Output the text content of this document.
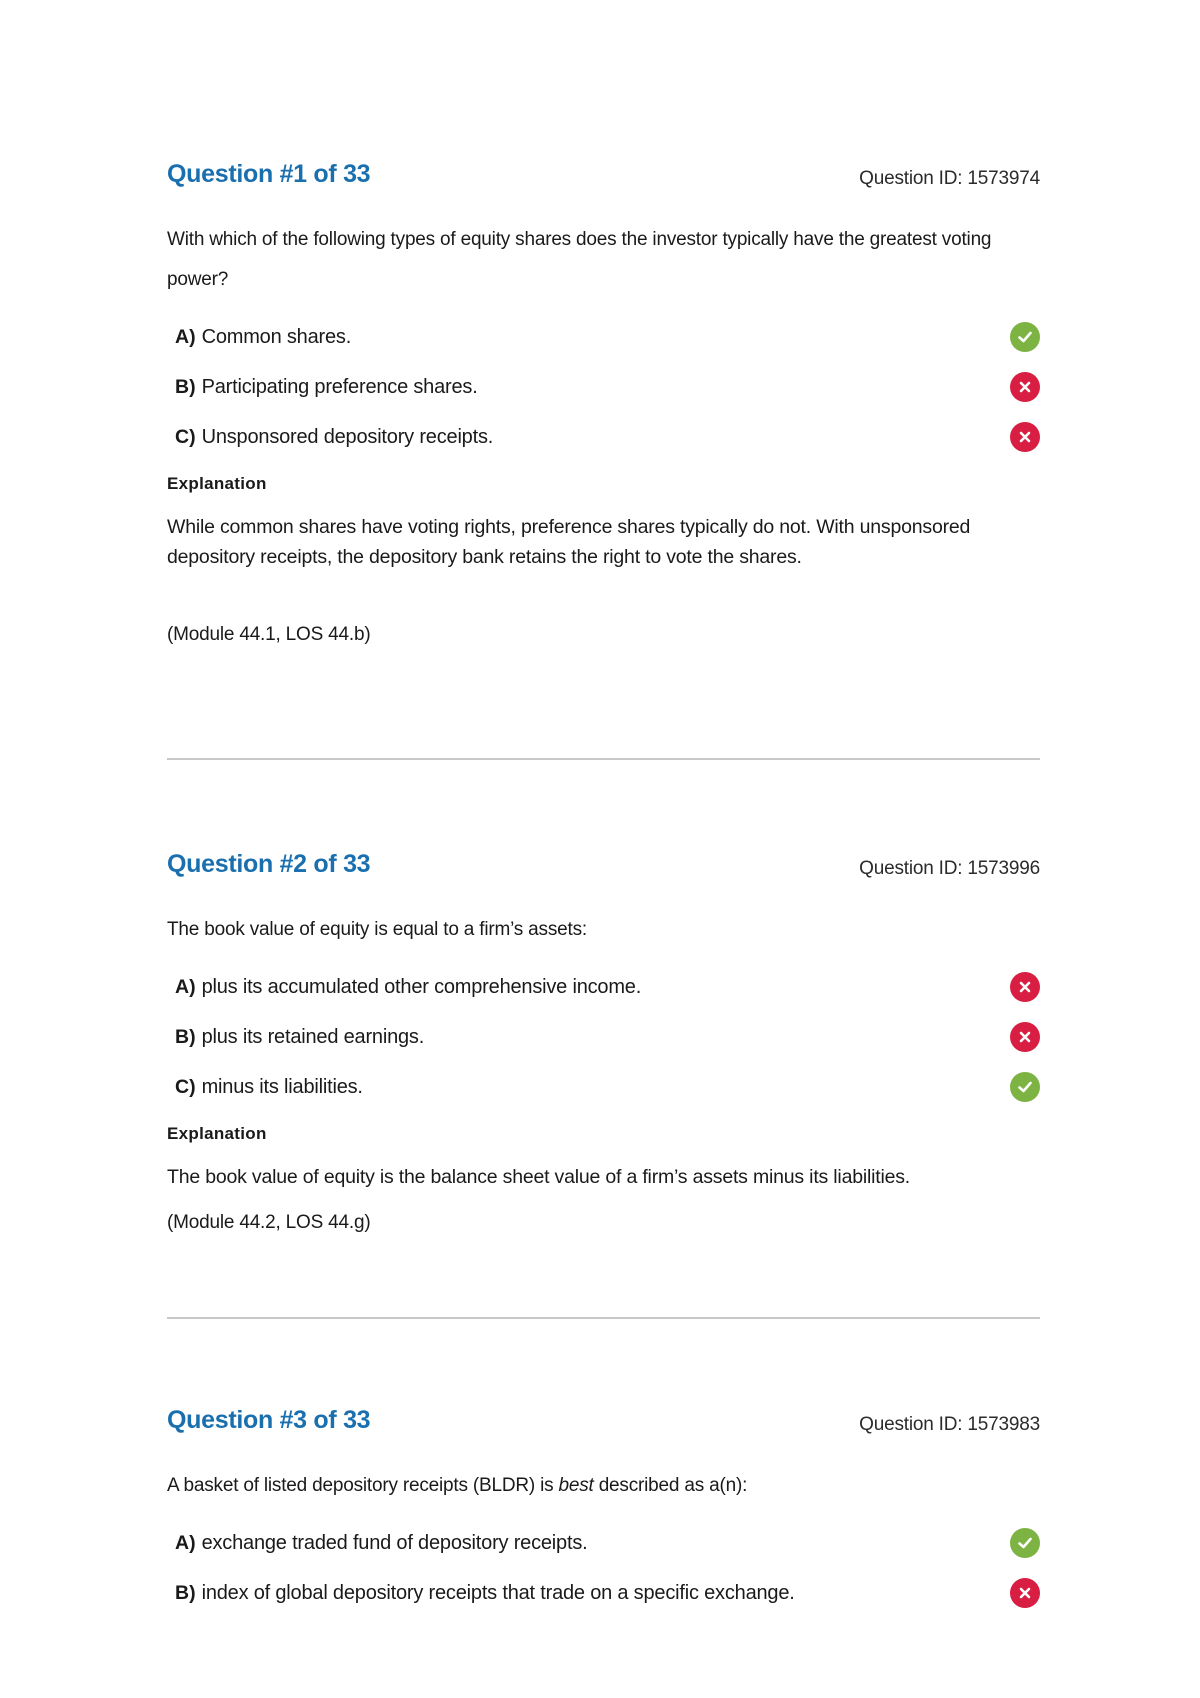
Question #1 of 33	Question ID: 1573974
With which of the following types of equity shares does the investor typically have the greatest voting power?
A) Common shares.
B) Participating preference shares.
C) Unsponsored depository receipts.
Explanation
While common shares have voting rights, preference shares typically do not. With unsponsored depository receipts, the depository bank retains the right to vote the shares.
(Module 44.1, LOS 44.b)
Question #2 of 33	Question ID: 1573996
The book value of equity is equal to a firm’s assets:
A) plus its accumulated other comprehensive income.
B) plus its retained earnings.
C) minus its liabilities.
Explanation
The book value of equity is the balance sheet value of a firm’s assets minus its liabilities.
(Module 44.2, LOS 44.g)
Question #3 of 33	Question ID: 1573983
A basket of listed depository receipts (BLDR) is best described as a(n):
A) exchange traded fund of depository receipts.
B) index of global depository receipts that trade on a specific exchange.
